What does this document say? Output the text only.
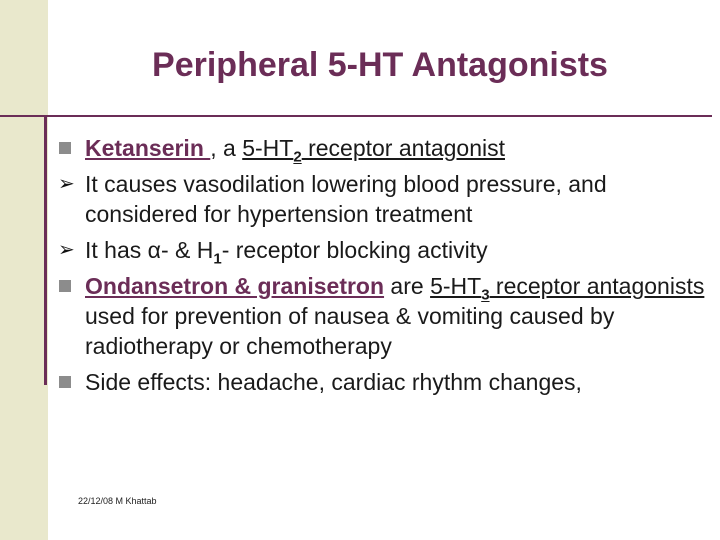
Peripheral 5-HT Antagonists
Ketanserin , a $5-HT_2$ receptor antagonist
➢ It causes vasodilation lowering blood pressure, and considered for hypertension treatment
➢ It has α- & $H_1-$ receptor blocking activity
Ondansetron & granisetron are $5-HT_3$ receptor antagonists used for prevention of nausea & vomiting caused by radiotherapy or chemotherapy
Side effects: headache, cardiac rhythm changes,
22/12/08 M Khattab
